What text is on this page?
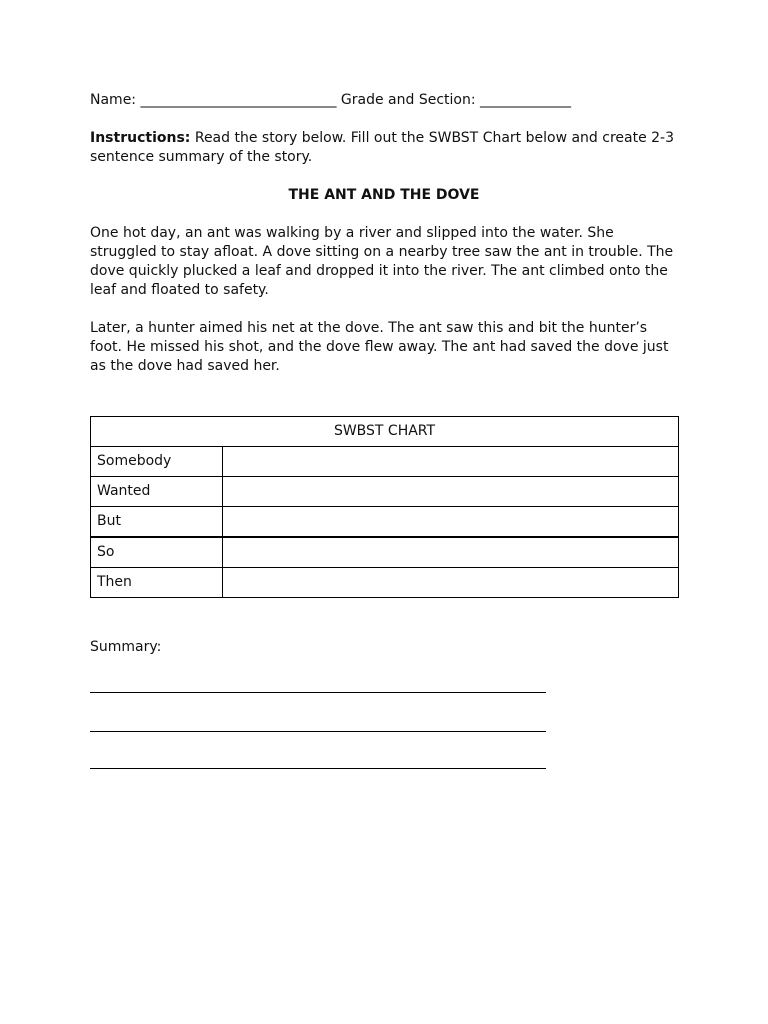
Name: ____________________________ Grade and Section: _____________
Instructions: Read the story below. Fill out the SWBST Chart below and create 2-3 sentence summary of the story.
THE ANT AND THE DOVE
One hot day, an ant was walking by a river and slipped into the water. She struggled to stay afloat. A dove sitting on a nearby tree saw the ant in trouble. The dove quickly plucked a leaf and dropped it into the river. The ant climbed onto the leaf and floated to safety.
Later, a hunter aimed his net at the dove. The ant saw this and bit the hunter’s foot. He missed his shot, and the dove flew away. The ant had saved the dove just as the dove had saved her.
SWBST CHART	
Somebody	
Wanted	
But	
So	
Then	
Summary:
